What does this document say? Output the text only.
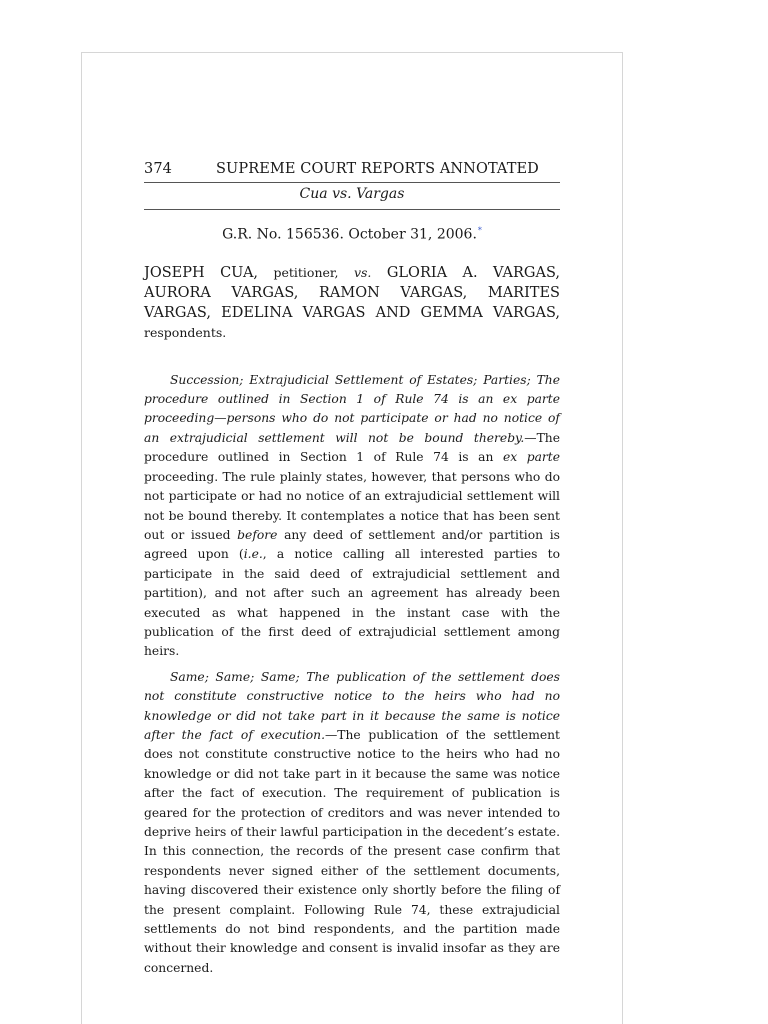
374	SUPREME COURT REPORTS ANNOTATED
Cua vs. Vargas
G.R. No. 156536. October 31, 2006.*
JOSEPH CUA, petitioner, vs. GLORIA A. VARGAS, AURORA VARGAS, RAMON VARGAS, MARITES VARGAS, EDELINA VARGAS AND GEMMA VARGAS, respondents.

Succession; Extrajudicial Settlement of Estates; Parties; The procedure outlined in Section 1 of Rule 74 is an ex parte proceeding—persons who do not participate or had no notice of an extrajudicial settlement will not be bound thereby.—The procedure outlined in Section 1 of Rule 74 is an ex parte proceeding. The rule plainly states, however, that persons who do not participate or had no notice of an extrajudicial settlement will not be bound thereby. It contemplates a notice that has been sent out or issued before any deed of settlement and/or partition is agreed upon (i.e., a notice calling all interested parties to participate in the said deed of extrajudicial settlement and partition), and not after such an agreement has already been executed as what happened in the instant case with the publication of the first deed of extrajudicial settlement among heirs.

Same; Same; Same; The publication of the settlement does not constitute constructive notice to the heirs who had no knowledge or did not take part in it because the same is notice after the fact of execution.—The publication of the settlement does not constitute constructive notice to the heirs who had no knowledge or did not take part in it because the same was notice after the fact of execution. The requirement of publication is geared for the protection of creditors and was never intended to deprive heirs of their lawful participation in the decedent’s estate. In this connection, the records of the present case confirm that respondents never signed either of the settlement documents, having discovered their existence only shortly before the filing of the present complaint. Following Rule 74, these extrajudicial settlements do not bind respondents, and the partition made without their knowledge and consent is invalid insofar as they are concerned.
